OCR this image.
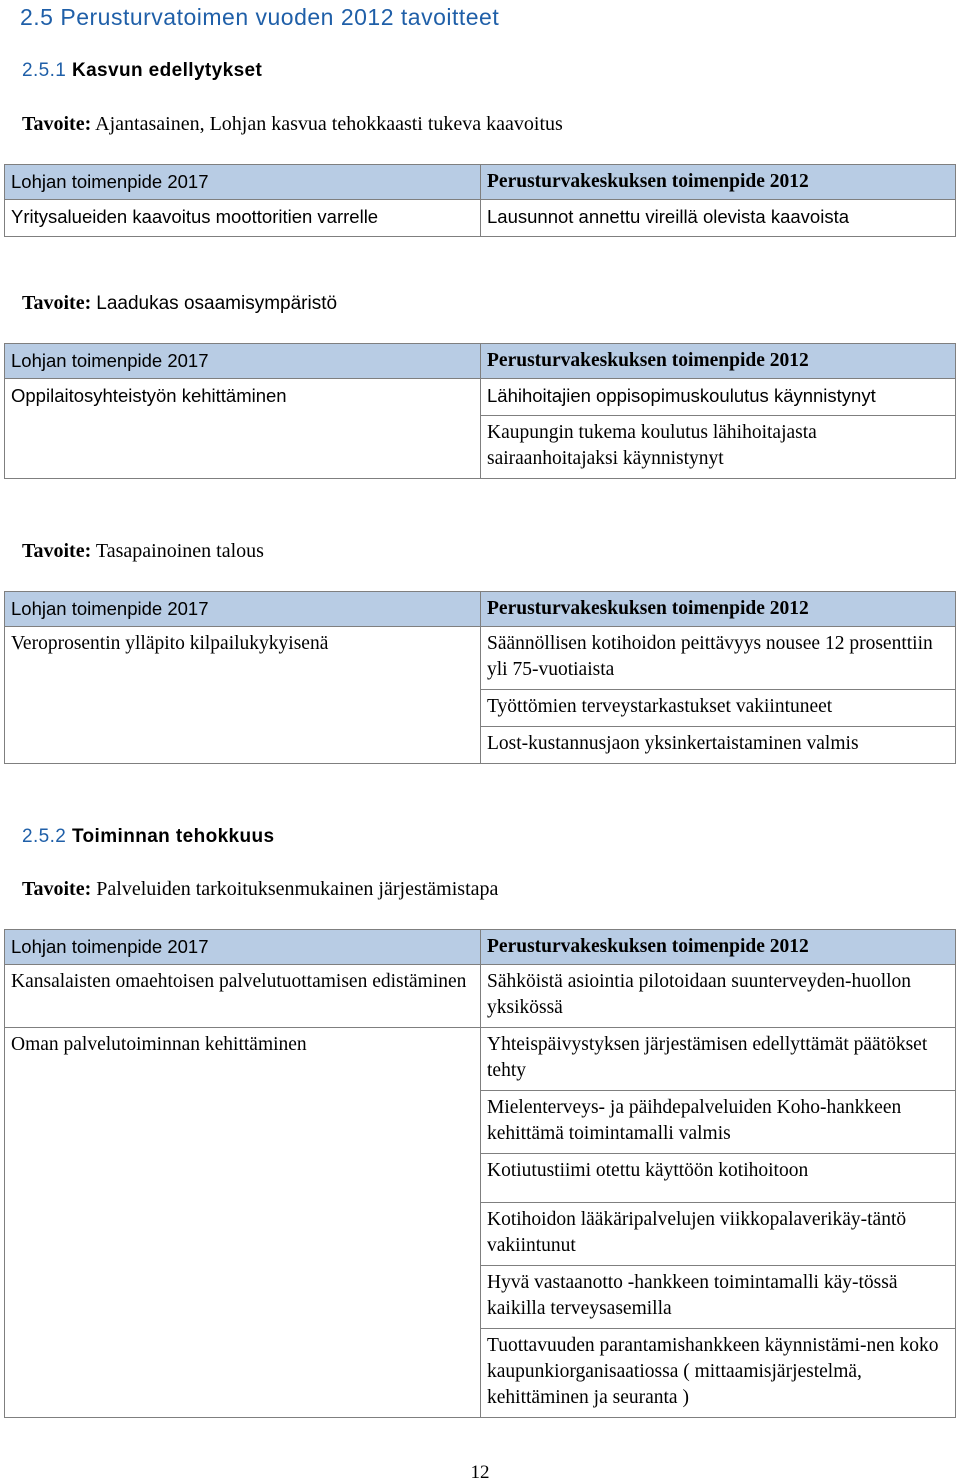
2.5 Perusturvatoimen vuoden 2012 tavoitteet
2.5.1 Kasvun edellytykset

Tavoite: Ajantasainen, Lohjan kasvua tehokkaasti tukeva kaavoitus

Lohjan toimenpide 2017	Perusturvakeskuksen toimenpide 2012
Yritysalueiden kaavoitus moottoritien varrelle	Lausunnot annettu vireillä olevista kaavoista

Tavoite: Laadukas osaamisympäristö

Lohjan toimenpide 2017	Perusturvakeskuksen toimenpide 2012
Oppilaitosyhteistyön kehittäminen	Lähihoitajien oppisopimuskoulutus käynnistynyt
	Kaupungin tukema koulutus lähihoitajasta sairaanhoitajaksi käynnistynyt

Tavoite: Tasapainoinen talous

Lohjan toimenpide 2017	Perusturvakeskuksen toimenpide 2012
Veroprosentin ylläpito kilpailukykyisenä	Säännöllisen kotihoidon peittävyys nousee 12 prosenttiin yli 75-vuotiaista
	Työttömien terveystarkastukset vakiintuneet
	Lost-kustannusjaon yksinkertaistaminen valmis
2.5.2 Toiminnan tehokkuus

Tavoite: Palveluiden tarkoituksenmukainen järjestämistapa

Lohjan toimenpide 2017	Perusturvakeskuksen toimenpide 2012
Kansalaisten omaehtoisen palvelutuottamisen edistäminen	Sähköistä asiointia pilotoidaan suunterveyden-huollon yksikössä
Oman palvelutoiminnan kehittäminen	Yhteispäivystyksen järjestämisen edellyttämät päätökset tehty
	Mielenterveys- ja päihdepalveluiden Koho-hankkeen kehittämä toimintamalli valmis
	Kotiutustiimi otettu käyttöön kotihoitoon
	Kotihoidon lääkäripalvelujen viikkopalaverikäy-täntö vakiintunut
	Hyvä vastaanotto -hankkeen toimintamalli käy-tössä kaikilla terveysasemilla
	Tuottavuuden parantamishankkeen käynnistämi-nen koko kaupunkiorganisaatiossa ( mittaamisjärjestelmä, kehittäminen ja seuranta )
12
